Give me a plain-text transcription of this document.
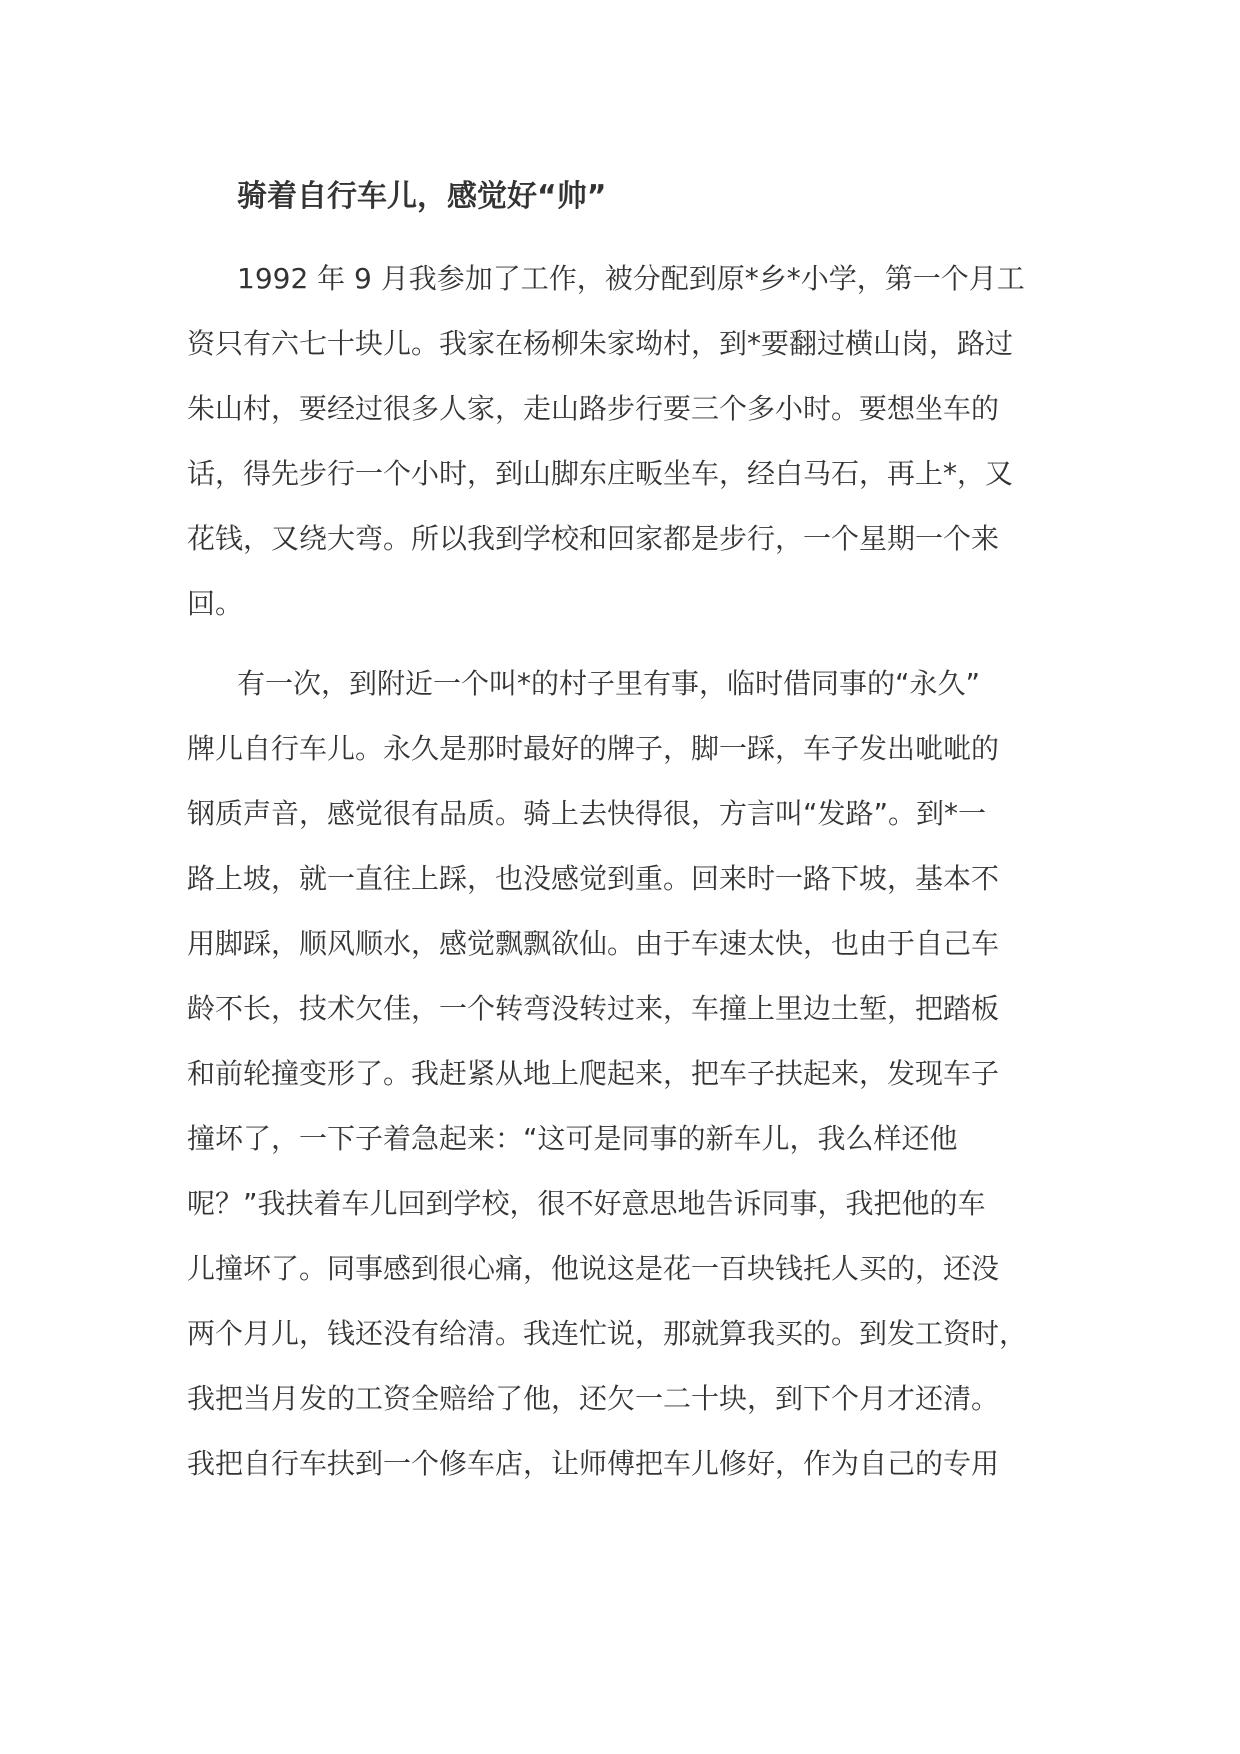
骑着自行车儿，感觉好“帅”

1992 年 9 月我参加了工作，被分配到原*乡*小学，第一个月工
资只有六七十块儿。我家在杨柳朱家坳村，到*要翻过横山岗，路过
朱山村，要经过很多人家，走山路步行要三个多小时。要想坐车的
话，得先步行一个小时，到山脚东庄畈坐车，经白马石，再上*，又
花钱，又绕大弯。所以我到学校和回家都是步行，一个星期一个来
回。

有一次，到附近一个叫*的村子里有事，临时借同事的“永久”
牌儿自行车儿。永久是那时最好的牌子，脚一踩，车子发出呲呲的
钢质声音，感觉很有品质。骑上去快得很，方言叫“发路”。到*一
路上坡，就一直往上踩，也没感觉到重。回来时一路下坡，基本不
用脚踩，顺风顺水，感觉飘飘欲仙。由于车速太快，也由于自己车
龄不长，技术欠佳，一个转弯没转过来，车撞上里边土堑，把踏板
和前轮撞变形了。我赶紧从地上爬起来，把车子扶起来，发现车子
撞坏了，一下子着急起来：“这可是同事的新车儿，我么样还他
呢？”我扶着车儿回到学校，很不好意思地告诉同事，我把他的车
儿撞坏了。同事感到很心痛，他说这是花一百块钱托人买的，还没
两个月儿，钱还没有给清。我连忙说，那就算我买的。到发工资时，
我把当月发的工资全赔给了他，还欠一二十块，到下个月才还清。
我把自行车扶到一个修车店，让师傅把车儿修好，作为自己的专用
